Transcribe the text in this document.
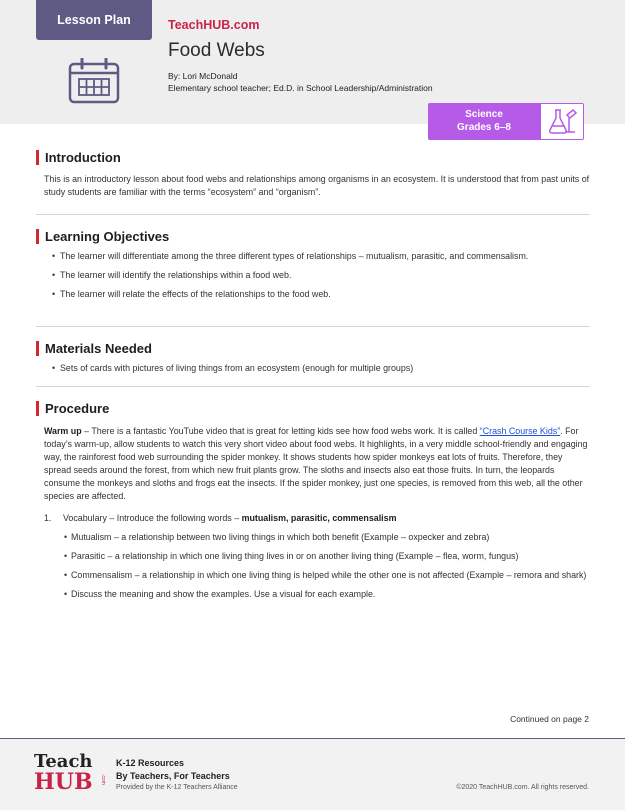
Lesson Plan	TeachHUB.com
Food Webs
By: Lori McDonald
Elementary school teacher; Ed.D. in School Leadership/Administration
Science
Grades 6–8
Introduction
This is an introductory lesson about food webs and relationships among organisms in an ecosystem. It is understood that from past units of study students are familiar with the terms “ecosystem” and “organism”.
Learning Objectives
• The learner will differentiate among the three different types of relationships – mutualism, parasitic, and commensalism.
• The learner will identify the relationships within a food web.
• The learner will relate the effects of the relationships to the food web.
Materials Needed
• Sets of cards with pictures of living things from an ecosystem (enough for multiple groups)
Procedure
Warm up – There is a fantastic YouTube video that is great for letting kids see how food webs work. It is called “Crash Course Kids”. For today’s warm-up, allow students to watch this very short video about food webs. It highlights, in a very middle school-friendly and engaging way, the rainforest food web surrounding the spider monkey. It shows students how spider monkeys eat lots of fruits. Therefore, they spread seeds around the forest, from which new fruit plants grow. The sloths and insects also eat those fruits. In turn, the leopards consume the monkeys and sloths and frogs eat the insects. If the spider monkey, just one species, is removed from this web, all the other species are affected.
1. Vocabulary – Introduce the following words – mutualism, parasitic, commensalism
• Mutualism – a relationship between two living things in which both benefit (Example – oxpecker and zebra)
• Parasitic – a relationship in which one living thing lives in or on another living thing (Example – flea, worm, fungus)
• Commensalism – a relationship in which one living thing is helped while the other one is not affected (Example – remora and shark)
• Discuss the meaning and show the examples. Use a visual for each example.
Continued on page 2
Teach
HUB .com
K-12 Resources
By Teachers, For Teachers
Provided by the K-12 Teachers Alliance	©2020 TeachHUB.com. All rights reserved.
